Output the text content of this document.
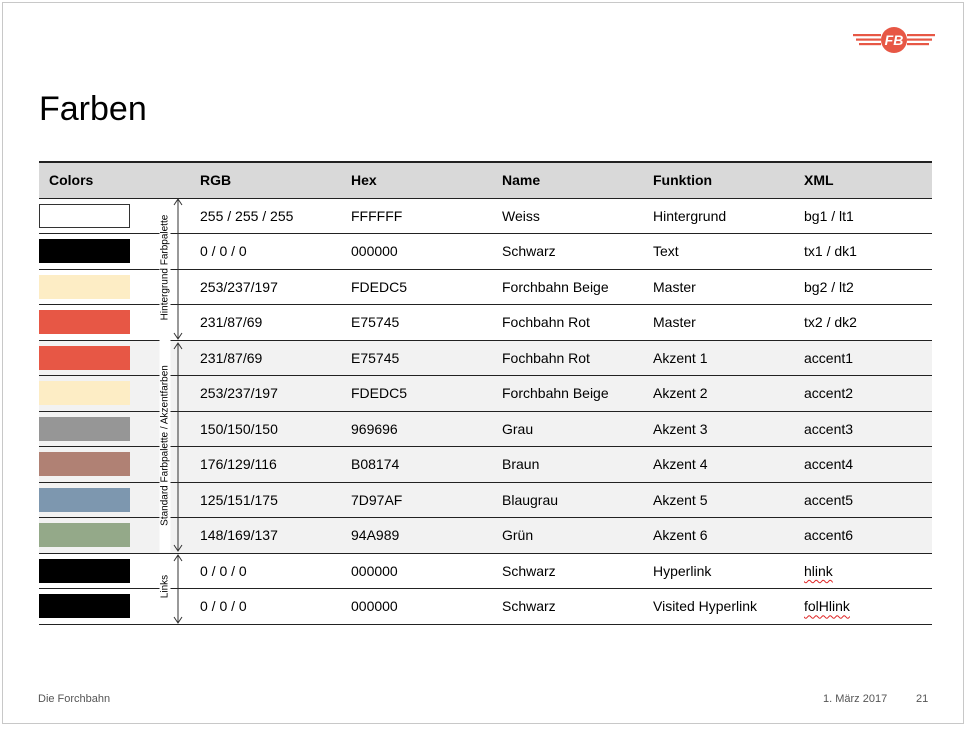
FB
Farben
Colors	RGB	Hex	Name	Funktion	XML

	255 / 255 / 255	FFFFFF	Weiss	Hintergrund	bg1 / lt1

	0 / 0 / 0	000000	Schwarz	Text	tx1 / dk1

	253/237/197	FDEDC5	Forchbahn Beige	Master	bg2 / lt2

	231/87/69	E75745	Fochbahn Rot	Master	tx2 / dk2

	231/87/69	E75745	Fochbahn Rot	Akzent 1	accent1

	253/237/197	FDEDC5	Forchbahn Beige	Akzent 2	accent2

	150/150/150	969696	Grau	Akzent 3	accent3

	176/129/116	B08174	Braun	Akzent 4	accent4

	125/151/175	7D97AF	Blaugrau	Akzent 5	accent5

	148/169/137	94A989	Grün	Akzent 6	accent6

	0 / 0 / 0	000000	Schwarz	Hyperlink	hlink

	0 / 0 / 0	000000	Schwarz	Visited Hyperlink	folHlink
Hintergrund Farbpalette
Standard Farbpalette / Akzentfarben
Links
Die Forchbahn	1. März 2017	21
